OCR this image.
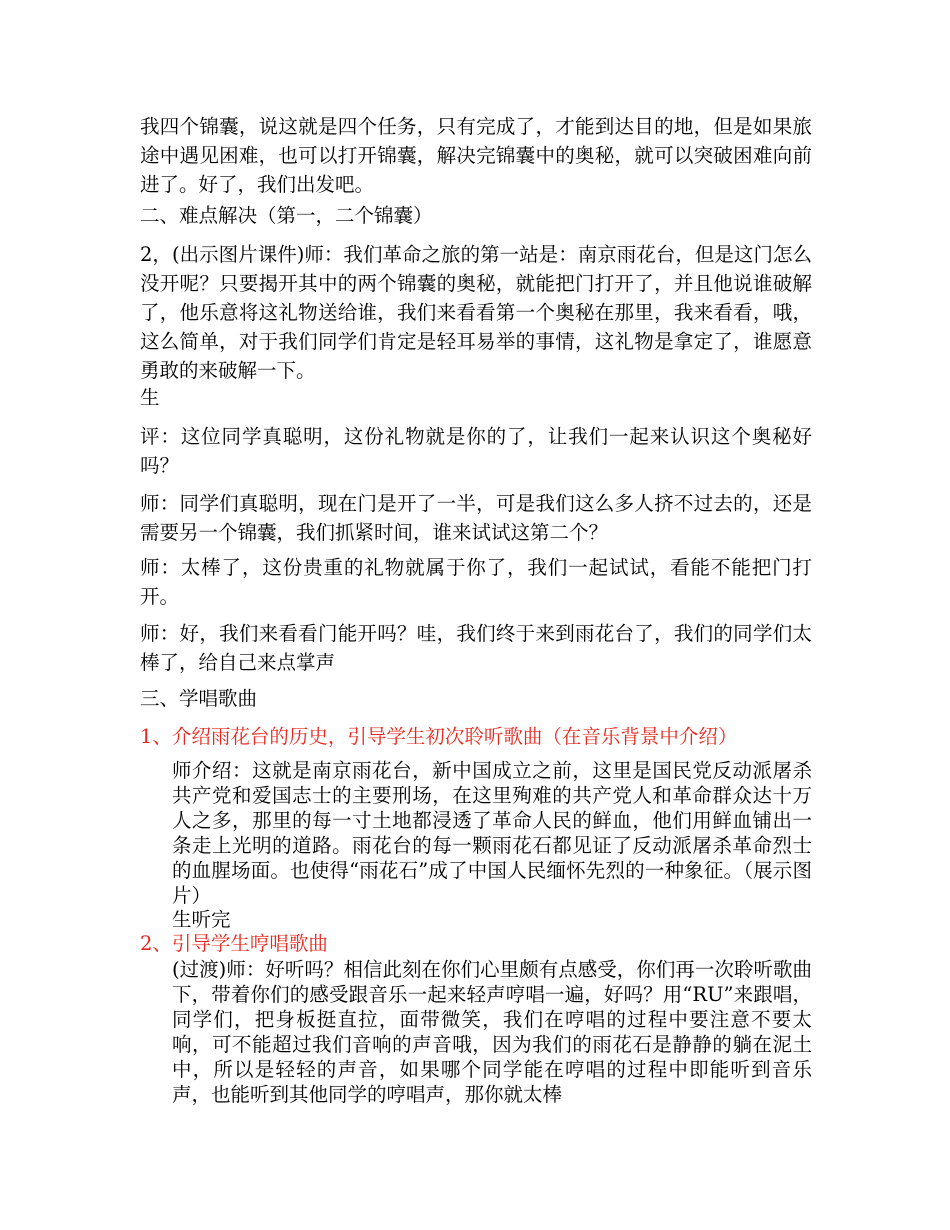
我四个锦囊，说这就是四个任务，只有完成了，才能到达目的地，但是如果旅途中遇见困难，也可以打开锦囊，解决完锦囊中的奥秘，就可以突破困难向前进了。好了，我们出发吧。

二、难点解决（第一，二个锦囊）

2，(出示图片课件)师：我们革命之旅的第一站是：南京雨花台，但是这门怎么没开呢？只要揭开其中的两个锦囊的奥秘，就能把门打开了，并且他说谁破解了，他乐意将这礼物送给谁，我们来看看第一个奥秘在那里，我来看看，哦，这么简单，对于我们同学们肯定是轻耳易举的事情，这礼物是拿定了，谁愿意勇敢的来破解一下。

生

评：这位同学真聪明，这份礼物就是你的了，让我们一起来认识这个奥秘好吗？

师：同学们真聪明，现在门是开了一半，可是我们这么多人挤不过去的，还是需要另一个锦囊，我们抓紧时间，谁来试试这第二个？

师：太棒了，这份贵重的礼物就属于你了，我们一起试试，看能不能把门打开。

师：好，我们来看看门能开吗？哇，我们终于来到雨花台了，我们的同学们太棒了，给自己来点掌声

三、学唱歌曲

1、介绍雨花台的历史，引导学生初次聆听歌曲（在音乐背景中介绍）

师介绍：这就是南京雨花台，新中国成立之前，这里是国民党反动派屠杀共产党和爱国志士的主要刑场，在这里殉难的共产党人和革命群众达十万人之多，那里的每一寸土地都浸透了革命人民的鲜血，他们用鲜血铺出一条走上光明的道路。雨花台的每一颗雨花石都见证了反动派屠杀革命烈士的血腥场面。也使得“雨花石”成了中国人民缅怀先烈的一种象征。（展示图片）

生听完

2、引导学生哼唱歌曲

(过渡)师：好听吗？相信此刻在你们心里颇有点感受，你们再一次聆听歌曲下，带着你们的感受跟音乐一起来轻声哼唱一遍，好吗？用“RU”来跟唱，同学们，把身板挺直拉，面带微笑，我们在哼唱的过程中要注意不要太响，可不能超过我们音响的声音哦，因为我们的雨花石是静静的躺在泥土中，所以是轻轻的声音，如果哪个同学能在哼唱的过程中即能听到音乐声，也能听到其他同学的哼唱声，那你就太棒
